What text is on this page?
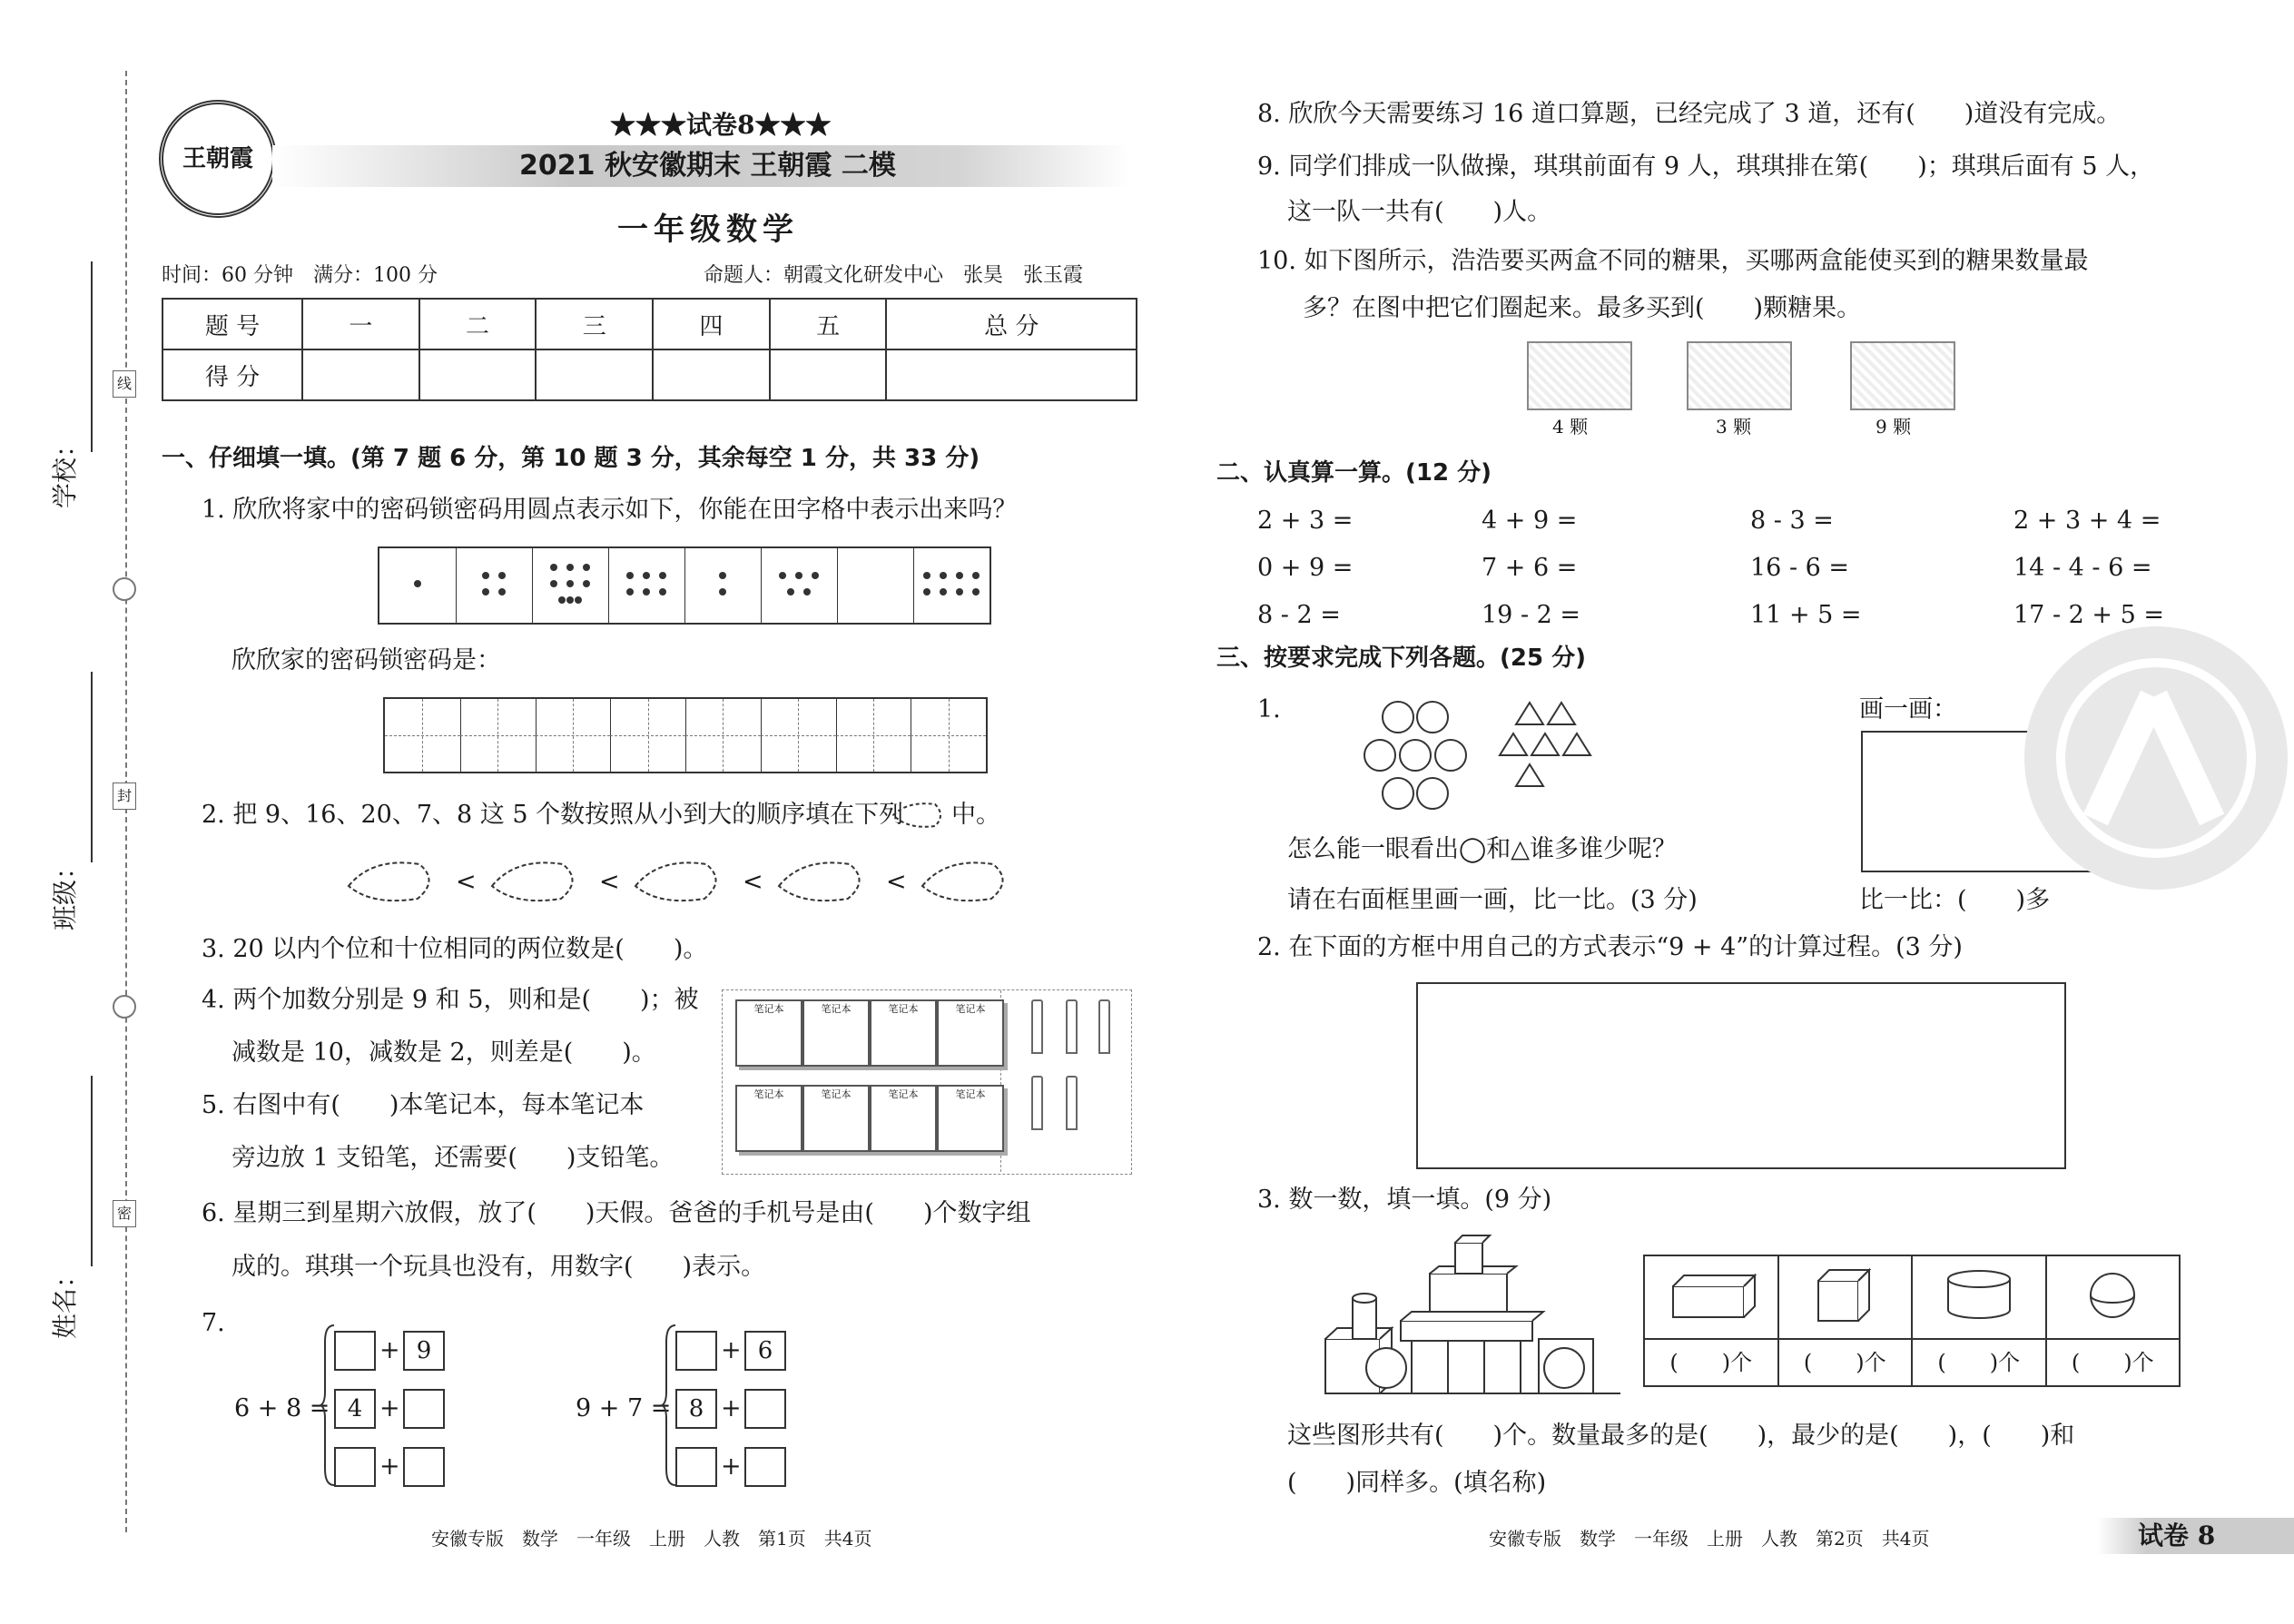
线
封
密
学校：
班级：
姓名：
王朝霞
★★★试卷8★★★
2021 秋安徽期末 王朝霞 二模
一年级数学
时间：60 分钟　满分：100 分	命题人：朝霞文化研发中心　张昊　张玉霞
题 号	一	二	三	四	五	总 分
得 分						
一、仔细填一填。(第 7 题 6 分，第 10 题 3 分，其余每空 1 分，共 33 分)
1. 欣欣将家中的密码锁密码用圆点表示如下，你能在田字格中表示出来吗？
欣欣家的密码锁密码是：
2. 把 9、16、20、7、8 这 5 个数按照从小到大的顺序填在下列 中。
<	<	<	<
3. 20 以内个位和十位相同的两位数是(　　)。
4. 两个加数分别是 9 和 5，则和是(　　)；被
减数是 10，减数是 2，则差是(　　)。
5. 右图中有(　　)本笔记本，每本笔记本
旁边放 1 支铅笔，还需要(　　)支铅笔。
笔记本	笔记本	笔记本	笔记本
笔记本	笔记本	笔记本	笔记本
6. 星期三到星期六放假，放了(　　)天假。爸爸的手机号是由(　　)个数字组
成的。琪琪一个玩具也没有，用数字(　　)表示。
7.
6 + 8 =
+ 9
4 +
+
9 + 7 =
+ 6
8 +
+
安徽专版　数学　一年级　上册　人教　第1页　共4页
8. 欣欣今天需要练习 16 道口算题，已经完成了 3 道，还有(　　)道没有完成。
9. 同学们排成一队做操，琪琪前面有 9 人，琪琪排在第(　　)；琪琪后面有 5 人，
这一队一共有(　　)人。
10. 如下图所示，浩浩要买两盒不同的糖果，买哪两盒能使买到的糖果数量最
多？在图中把它们圈起来。最多买到(　　)颗糖果。
4 颗	3 颗	9 颗
二、认真算一算。(12 分)
2 + 3 =	4 + 9 =	8 - 3 =	2 + 3 + 4 =
0 + 9 =	7 + 6 =	16 - 6 =	14 - 4 - 6 =
8 - 2 =	19 - 2 =	11 + 5 =	17 - 2 + 5 =
三、按要求完成下列各题。(25 分)
1.	画一画：
怎么能一眼看出◯和△谁多谁少呢？
请在右面框里画一画，比一比。(3 分)	比一比：(　　)多
2. 在下面的方框中用自己的方式表示“9 + 4”的计算过程。(3 分)
3. 数一数，填一填。(9 分)

(　　)个	(　　)个	(　　)个	(　　)个
这些图形共有(　　)个。数量最多的是(　　)，最少的是(　　)，(　　)和
(　　)同样多。(填名称)
安徽专版　数学　一年级　上册　人教　第2页　共4页	试卷 8
